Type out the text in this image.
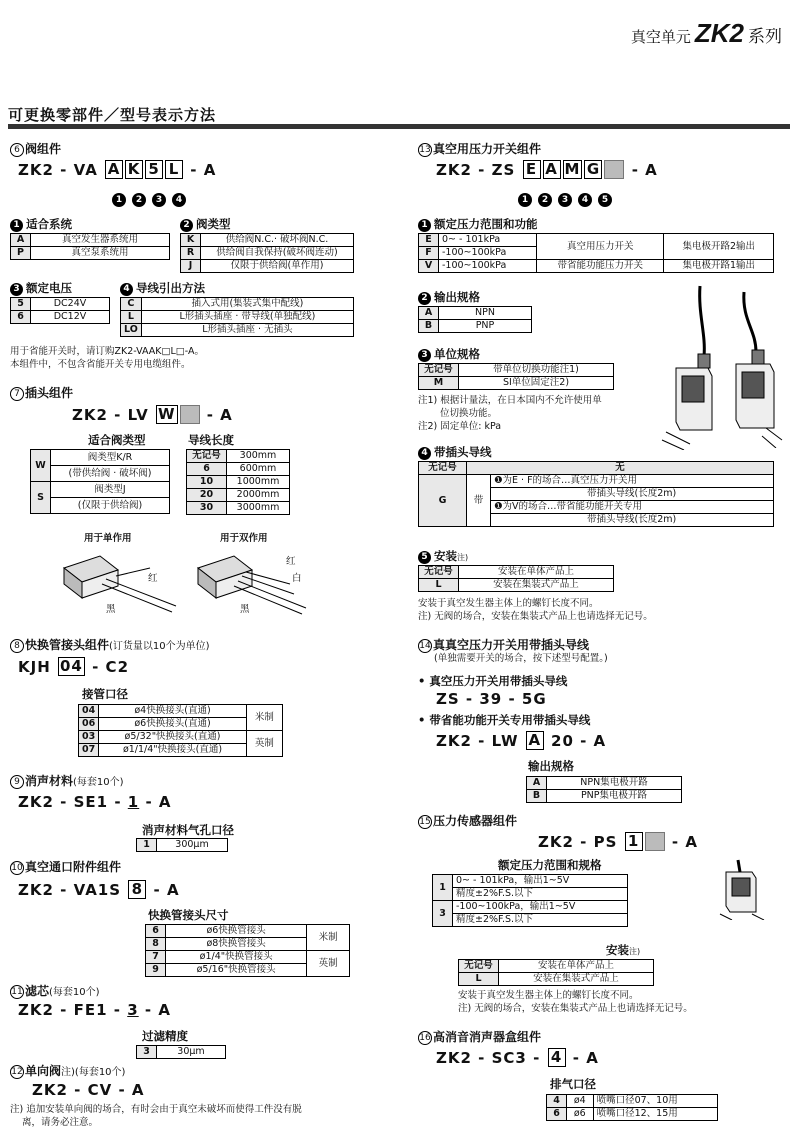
真空单元 ZK2 系列
可更换零部件／型号表示方法
6 阀组件
ZK2 - VA
A K 5 L
- A
1	2	3	4
1 适合系统
A	真空发生器系统用
P	真空泵系统用
2 阀类型
K	供给阀N.C.· 破坏阀N.C.
R	供给阀自我保持(破坏阀连动)
J	仅限于供给阀(单作用)
3 额定电压
5	DC24V
6	DC12V
4 导线引出方法
C	插入式用(集装式集中配线)
L	L形插头插座 · 带导线(单独配线)
LO	L形插头插座 · 无插头
用于省能开关时，请订购ZK2-VAAK□L□-A。
本组件中，不包含省能开关专用电缆组件。
7 插头组件
ZK2 - LV
W
- A
适合阀类型	导线长度
W	阀类型K/R
	(带供给阀 · 破坏阀)
S	阀类型J
	(仅限于供给阀)
无记号	300mm
6	600mm
10	1000mm
20	2000mm
30	3000mm
用于单作用	用于双作用
红
黑
红
白
黑
8 快换管接头组件(订货量以10个为单位)
KJH
04
- C2
接管口径
04	ø4快换接头(直通)	米制
06	ø6快换接头(直通)	
03	ø5/32"快换接头(直通)	英制
07	ø1/1/4"快换接头(直通)	
9 消声材料(每套10个)
ZK2 - SE1 -
1
- A
消声材料气孔口径
1	300μm
10 真空通口附件组件
ZK2 - VA1S
8
- A
快换管接头尺寸
6	ø6快换管接头	米制
8	ø8快换管接头	
7	ø1/4"快换管接头	英制
9	ø5/16"快换管接头	
11 滤芯(每套10个)
ZK2 - FE1 -
3
- A
过滤精度
3	30μm
12 单向阀注)(每套10个)
ZK2 - CV - A
注) 追加安装单向阀的场合，有时会由于真空未破坏而使得工件没有脱
离，请务必注意。
13 真空用压力开关组件
ZK2 - ZS
E A M G
- A
1	2	3	4	5
1 额定压力范围和功能
E	0~ - 101kPa	真空用压力开关	集电极开路2输出
F	-100~100kPa		
V	-100~100kPa	带省能功能压力开关	集电极开路1输出
2 输出规格
A	NPN
B	PNP
3 单位规格
无记号	带单位切换功能注1)
M	SI单位固定注2)
注1) 根据计量法，在日本国内不允许使用单
位切换功能。
注2) 固定单位: kPa
4 带插头导线
无记号	无	
G	带	❶为E · F的场合…真空压力开关用
		带插头导线(长度2m)
		❶为V的场合…带省能功能开关专用
		带插头导线(长度2m)
5 安装注)
无记号	安装在单体产品上
L	安装在集装式产品上
安装于真空发生器主体上的螺钉长度不同。
注) 无阀的场合，安装在集装式产品上也请选择无记号。
14 真真空压力开关用带插头导线
(单独需要开关的场合，按下述型号配置。)
• 真空压力开关用带插头导线
ZS - 39 - 5G
• 带省能功能开关专用带插头导线
ZK2 - LW
A
20 - A
输出规格
A	NPN集电极开路
B	PNP集电极开路
15 压力传感器组件
ZK2 - PS
1
- A
额定压力范围和规格
1	0~ - 101kPa，输出1~5V
	精度±2%F.S.以下
3	-100~100kPa，输出1~5V
	精度±2%F.S.以下
安装注)
无记号	安装在单体产品上
L	安装在集装式产品上
安装于真空发生器主体上的螺钉长度不同。
注) 无阀的场合，安装在集装式产品上也请选择无记号。
16 高消音消声器盒组件
ZK2 - SC3 -
4
- A
排气口径
4	ø4	喷嘴口径07、10用
6	ø6	喷嘴口径12、15用
